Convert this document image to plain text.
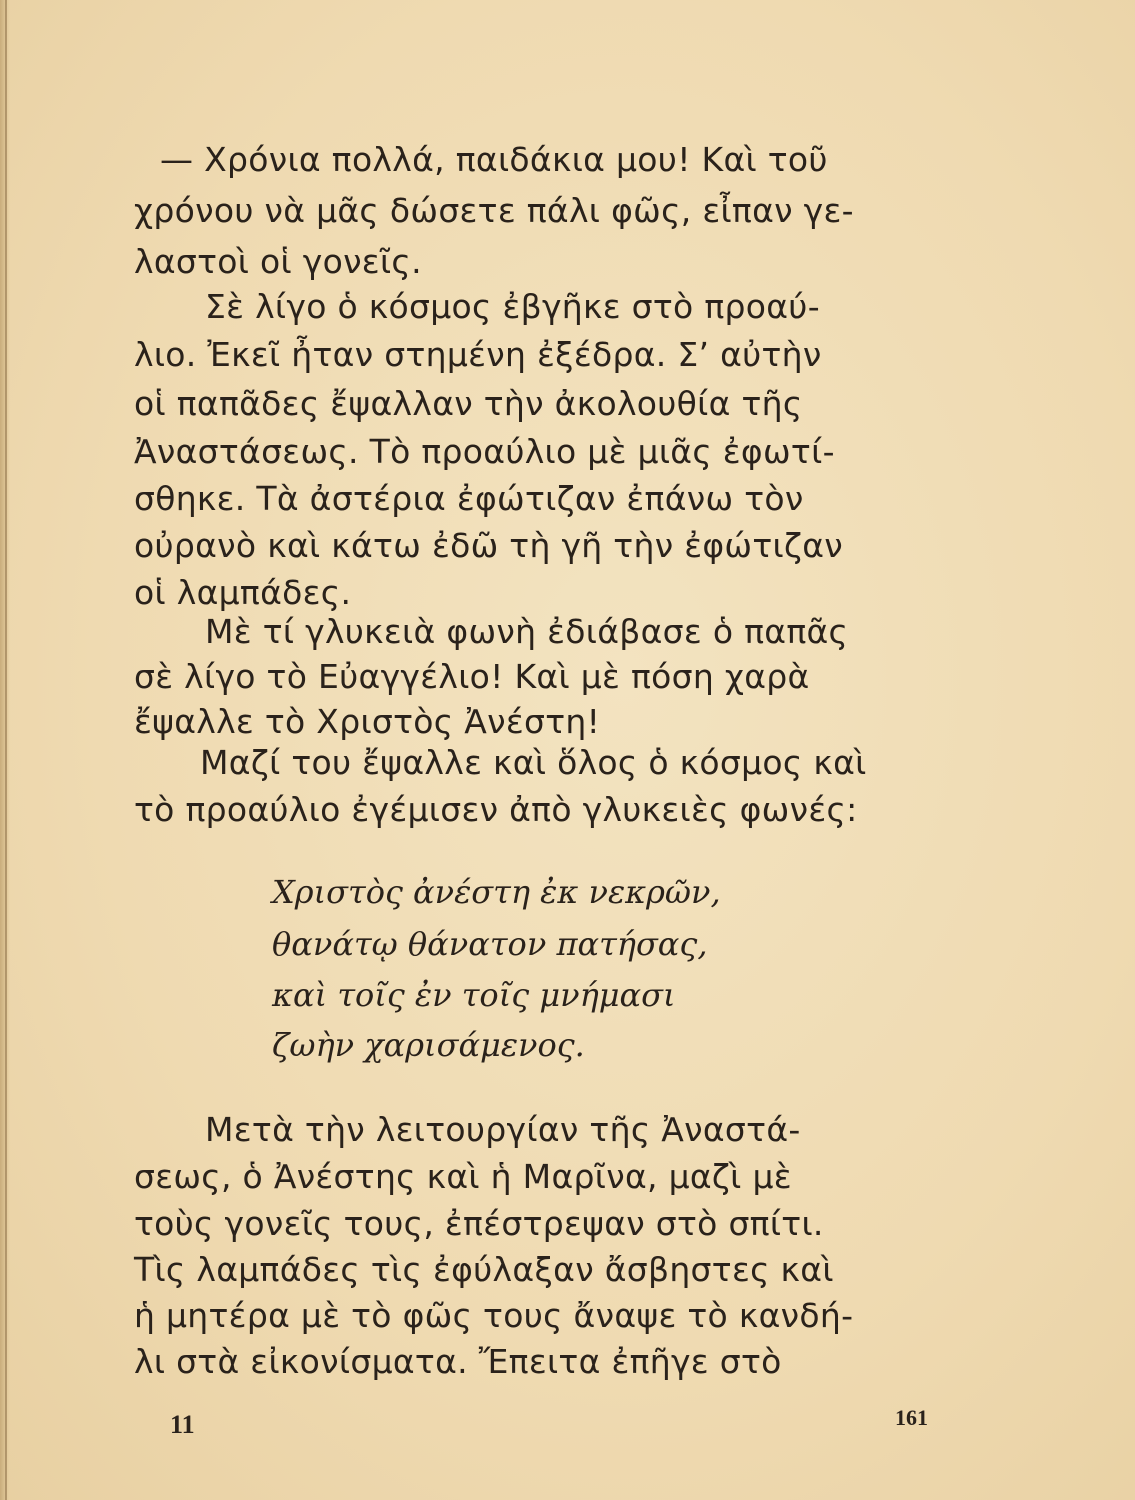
— Χρόνια πολλά, παιδάκια μου! Καὶ τοῦ
χρόνου νὰ μᾶς δώσετε πάλι φῶς, εἶπαν γε-
λαστοὶ οἱ γονεῖς.
Σὲ λίγο ὁ κόσμος ἐβγῆκε στὸ προαύ-
λιο. Ἐκεῖ ἦταν στημένη ἐξέδρα. Σ’ αὐτὴν
οἱ παπᾶδες ἔψαλλαν τὴν ἀκολουθία τῆς
Ἀναστάσεως. Τὸ προαύλιο μὲ μιᾶς ἐφωτί-
σθηκε. Τὰ ἀστέρια ἐφώτιζαν ἐπάνω τὸν
οὐρανὸ καὶ κάτω ἐδῶ τὴ γῆ τὴν ἐφώτιζαν
οἱ λαμπάδες.
Μὲ τί γλυκειὰ φωνὴ ἐδιάβασε ὁ παπᾶς
σὲ λίγο τὸ Εὐαγγέλιο! Καὶ μὲ πόση χαρὰ
ἔψαλλε τὸ Χριστὸς Ἀνέστη!
Μαζί του ἔψαλλε καὶ ὅλος ὁ κόσμος καὶ
τὸ προαύλιο ἐγέμισεν ἀπὸ γλυκειὲς φωνές:
Χριστὸς ἀνέστη ἐκ νεκρῶν,
θανάτῳ θάνατον πατήσας,
καὶ τοῖς ἐν τοῖς μνήμασι
ζωὴν χαρισάμενος.
Μετὰ τὴν λειτουργίαν τῆς Ἀναστά-
σεως, ὁ Ἀνέστης καὶ ἡ Μαρῖνα, μαζὶ μὲ
τοὺς γονεῖς τους, ἐπέστρεψαν στὸ σπίτι.
Τὶς λαμπάδες τὶς ἐφύλαξαν ἄσβηστες καὶ
ἡ μητέρα μὲ τὸ φῶς τους ἄναψε τὸ κανδή-
λι στὰ εἰκονίσματα. Ἔπειτα ἐπῆγε στὸ
11	161
